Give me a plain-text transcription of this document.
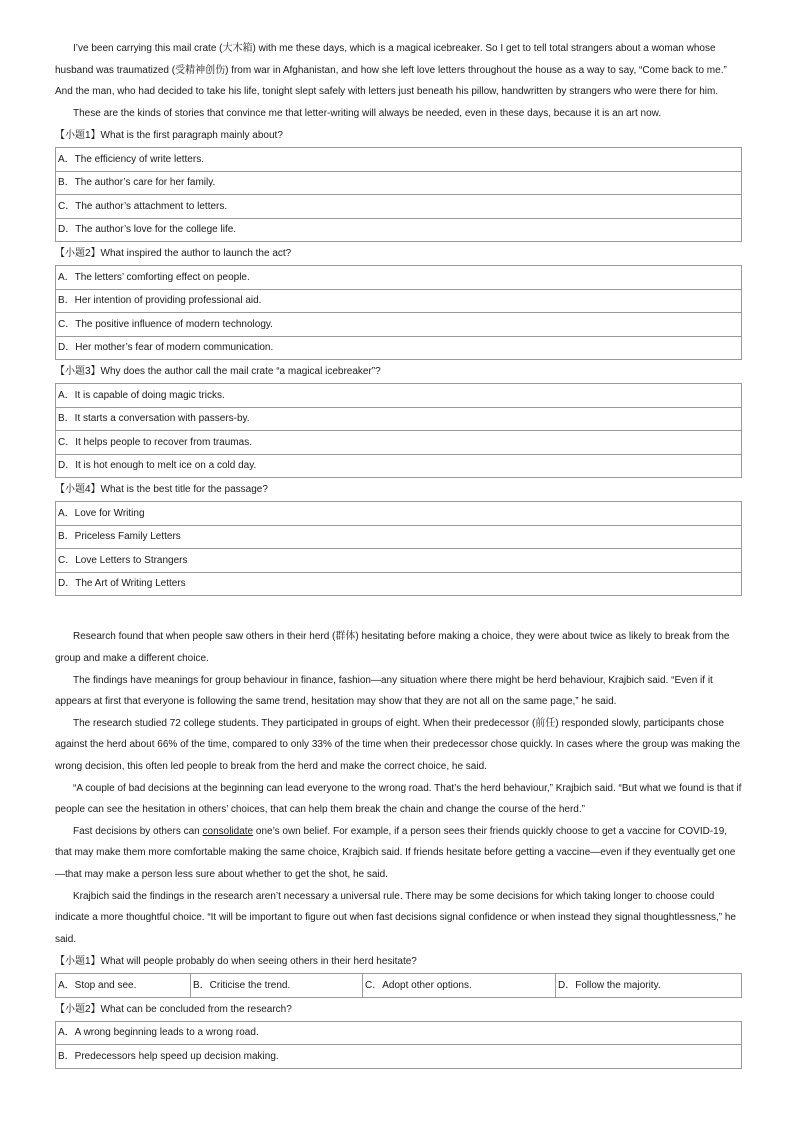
I’ve been carrying this mail crate (大木箱) with me these days, which is a magical icebreaker. So I get to tell total strangers about a woman whose husband was traumatized (受精神创伤) from war in Afghanistan, and how she left love letters throughout the house as a way to say, “Come back to me.” And the man, who had decided to take his life, tonight slept safely with letters just beneath his pillow, handwritten by strangers who were there for him.

These are the kinds of stories that convince me that letter-writing will always be needed, even in these days, because it is an art now.

【小题1】What is the first paragraph mainly about?
A．The efficiency of write letters.
B．The author’s care for her family.
C．The author’s attachment to letters.
D．The author’s love for the college life.
【小题2】What inspired the author to launch the act?
A．The letters’ comforting effect on people.
B．Her intention of providing professional aid.
C．The positive influence of modern technology.
D．Her mother’s fear of modern communication.
【小题3】Why does the author call the mail crate “a magical icebreaker”?
A．It is capable of doing magic tricks.
B．It starts a conversation with passers-by.
C．It helps people to recover from traumas.
D．It is hot enough to melt ice on a cold day.
【小题4】What is the best title for the passage?
A．Love for Writing
B．Priceless Family Letters
C．Love Letters to Strangers
D．The Art of Writing Letters

Research found that when people saw others in their herd (群体) hesitating before making a choice, they were about twice as likely to break from the group and make a different choice.

The findings have meanings for group behaviour in finance, fashion—any situation where there might be herd behaviour, Krajbich said. “Even if it appears at first that everyone is following the same trend, hesitation may show that they are not all on the same page,” he said.

The research studied 72 college students. They participated in groups of eight. When their predecessor (前任) responded slowly, participants chose against the herd about 66% of the time, compared to only 33% of the time when their predecessor chose quickly. In cases where the group was making the wrong decision, this often led people to break from the herd and make the correct choice, he said.

“A couple of bad decisions at the beginning can lead everyone to the wrong road. That’s the herd behaviour,” Krajbich said. “But what we found is that if people can see the hesitation in others’ choices, that can help them break the chain and change the course of the herd.”

Fast decisions by others can consolidate one’s own belief. For example, if a person sees their friends quickly choose to get a vaccine for COVID-19, that may make them more comfortable making the same choice, Krajbich said. If friends hesitate before getting a vaccine—even if they eventually get one—that may make a person less sure about whether to get the shot, he said.

Krajbich said the findings in the research aren’t necessary a universal rule. There may be some decisions for which taking longer to choose could indicate a more thoughtful choice. “It will be important to figure out when fast decisions signal confidence or when instead they signal thoughtlessness,” he said.

【小题1】What will people probably do when seeing others in their herd hesitate?
A．Stop and see.	B．Criticise the trend.	C．Adopt other options.	D．Follow the majority.
【小题2】What can be concluded from the research?
A．A wrong beginning leads to a wrong road.
B．Predecessors help speed up decision making.
